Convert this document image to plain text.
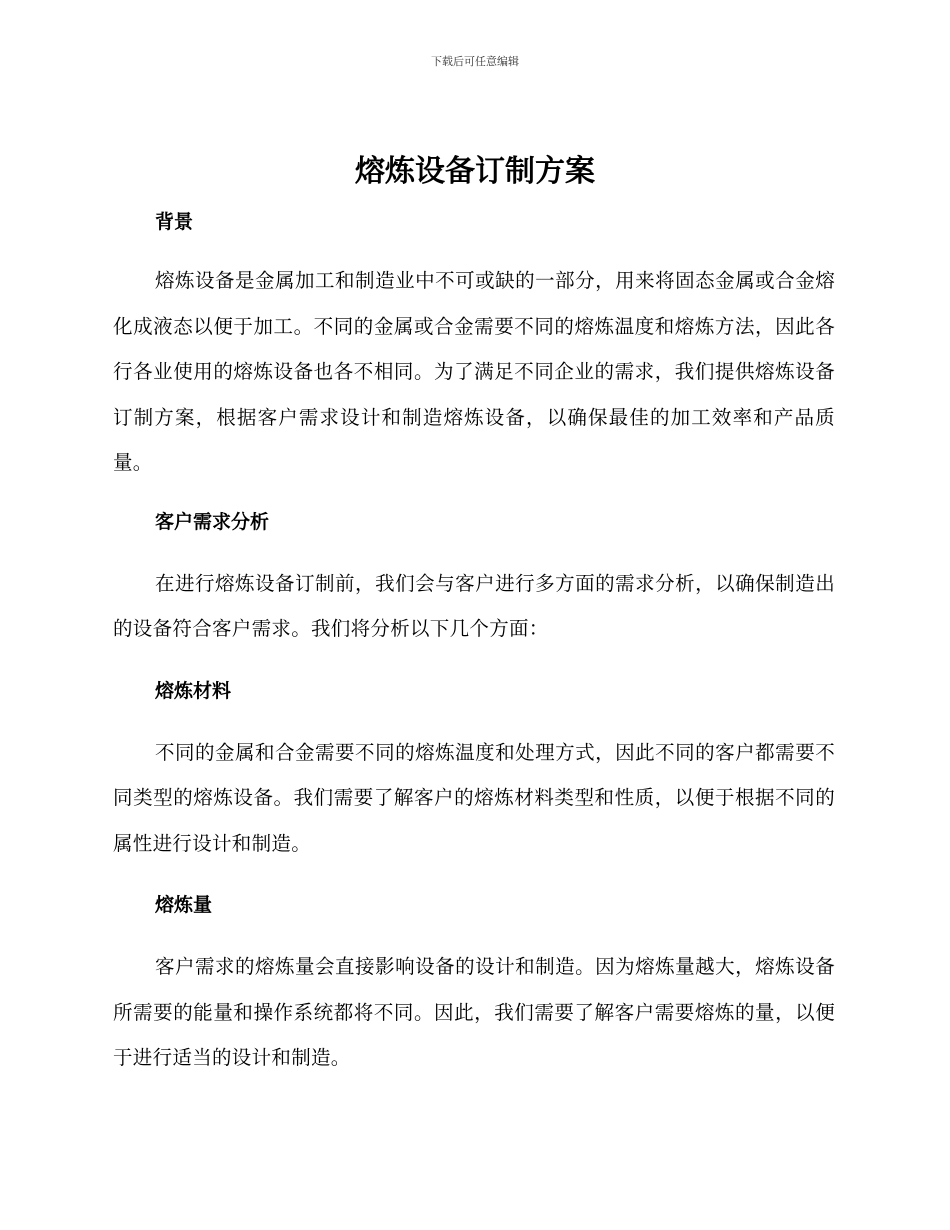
下载后可任意编辑
熔炼设备订制方案
背景

熔炼设备是金属加工和制造业中不可或缺的一部分，用来将固态金属或合金熔化成液态以便于加工。不同的金属或合金需要不同的熔炼温度和熔炼方法，因此各行各业使用的熔炼设备也各不相同。为了满足不同企业的需求，我们提供熔炼设备订制方案，根据客户需求设计和制造熔炼设备，以确保最佳的加工效率和产品质量。

客户需求分析

在进行熔炼设备订制前，我们会与客户进行多方面的需求分析，以确保制造出的设备符合客户需求。我们将分析以下几个方面：

熔炼材料

不同的金属和合金需要不同的熔炼温度和处理方式，因此不同的客户都需要不同类型的熔炼设备。我们需要了解客户的熔炼材料类型和性质，以便于根据不同的属性进行设计和制造。

熔炼量

客户需求的熔炼量会直接影响设备的设计和制造。因为熔炼量越大，熔炼设备所需要的能量和操作系统都将不同。因此，我们需要了解客户需要熔炼的量，以便于进行适当的设计和制造。
